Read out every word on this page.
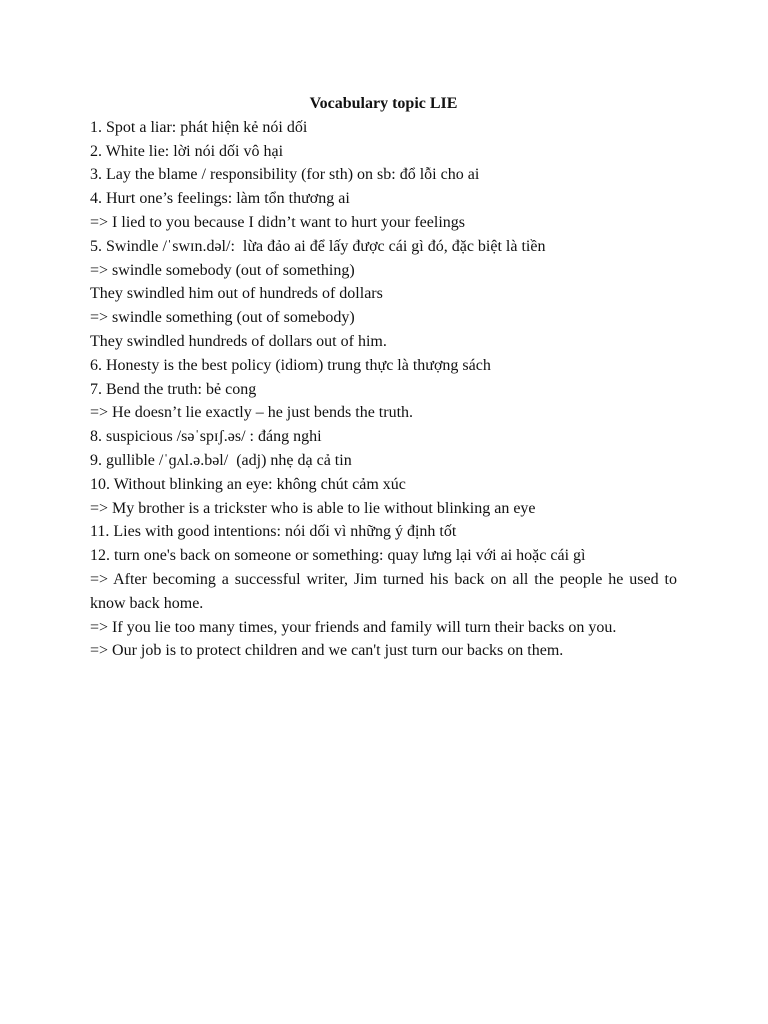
Vocabulary topic LIE

1. Spot a liar: phát hiện kẻ nói dối

2. White lie: lời nói dối vô hại

3. Lay the blame / responsibility (for sth) on sb: đổ lỗi cho ai

4. Hurt one’s feelings: làm tổn thương ai

=> I lied to you because I didn’t want to hurt your feelings

5. Swindle /ˈswɪn.dəl/:  lừa đảo ai để lấy được cái gì đó, đặc biệt là tiền

=> swindle somebody (out of something)

They swindled him out of hundreds of dollars

=> swindle something (out of somebody)

They swindled hundreds of dollars out of him.

6. Honesty is the best policy (idiom) trung thực là thượng sách

7. Bend the truth: bẻ cong

=> He doesn’t lie exactly – he just bends the truth.

8. suspicious /səˈspɪʃ.əs/ : đáng nghi

9. gullible /ˈɡʌl.ə.bəl/  (adj) nhẹ dạ cả tin

10. Without blinking an eye: không chút cảm xúc

=> My brother is a trickster who is able to lie without blinking an eye

11. Lies with good intentions: nói dối vì những ý định tốt

12. turn one's back on someone or something: quay lưng lại với ai hoặc cái gì

=> After becoming a successful writer, Jim turned his back on all the people he used to know back home.

=> If you lie too many times, your friends and family will turn their backs on you.

=> Our job is to protect children and we can't just turn our backs on them.
